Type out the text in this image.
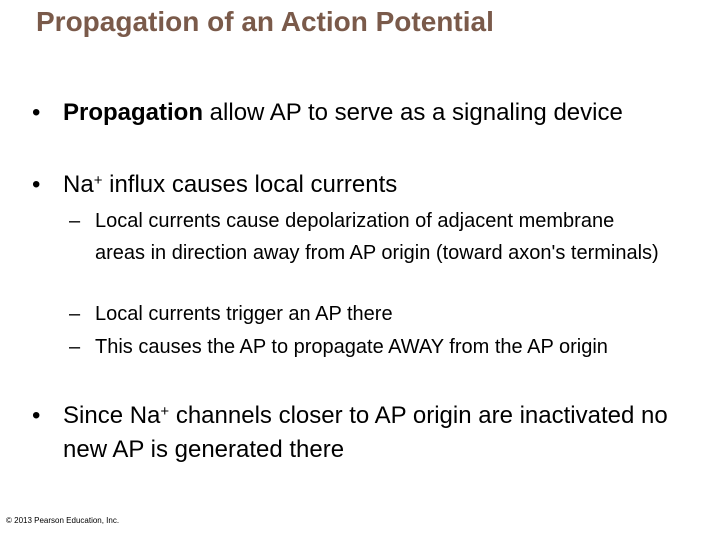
Propagation of an Action Potential
• Propagation allow AP to serve as a signaling device
• Na+ influx causes local currents
– Local currents cause depolarization of adjacent membrane areas in direction away from AP origin (toward axon's terminals)
– Local currents trigger an AP there
– This causes the AP to propagate AWAY from the AP origin
• Since Na+ channels closer to AP origin are inactivated no new AP is generated there
© 2013 Pearson Education, Inc.
